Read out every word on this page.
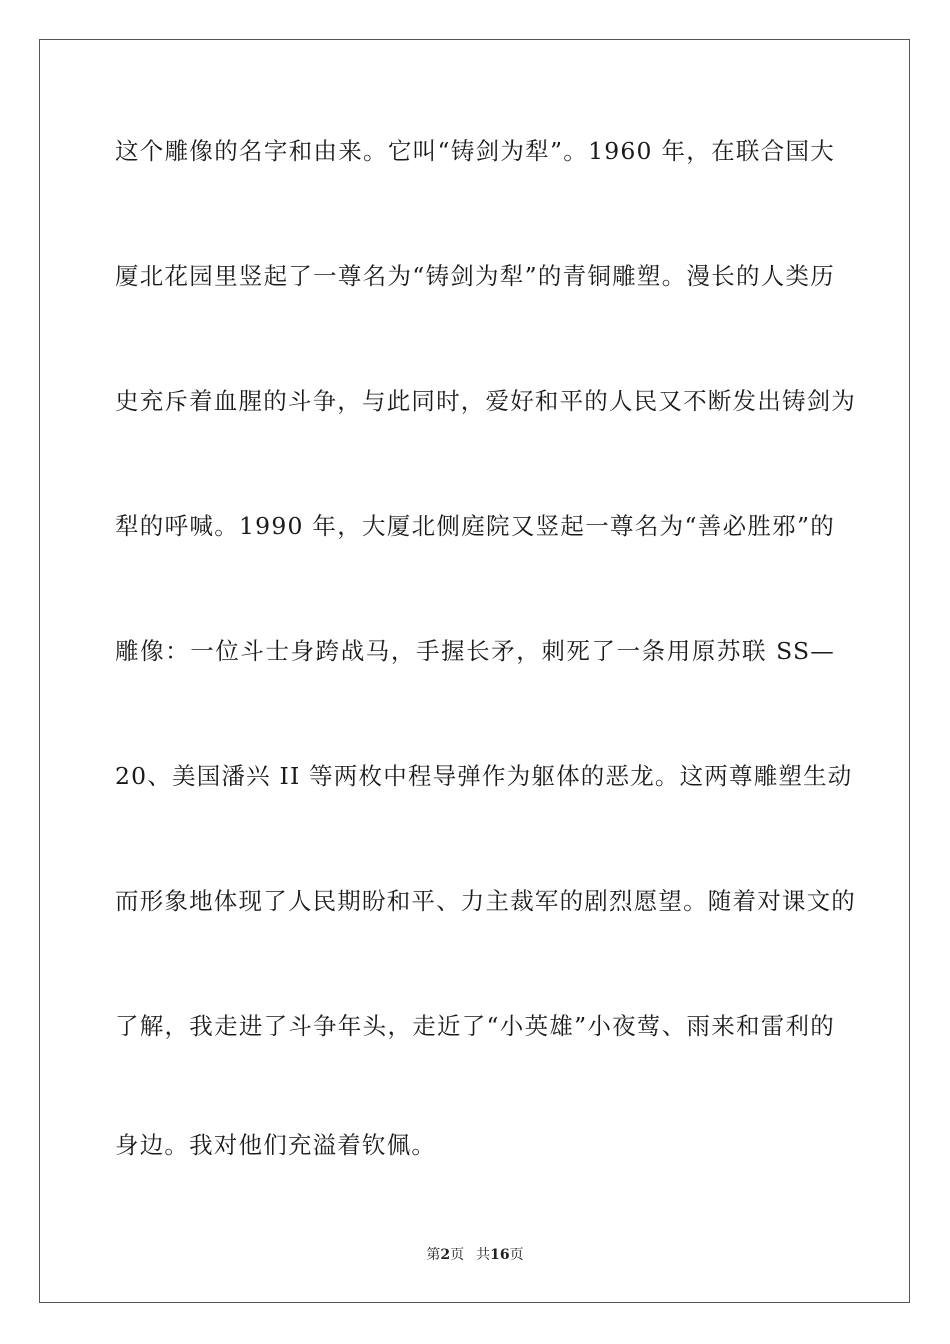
这个雕像的名字和由来。它叫“铸剑为犁”。1960 年，在联合国大
厦北花园里竖起了一尊名为“铸剑为犁”的青铜雕塑。漫长的人类历
史充斥着血腥的斗争，与此同时，爱好和平的人民又不断发出铸剑为
犁的呼喊。1990 年，大厦北侧庭院又竖起一尊名为“善必胜邪”的
雕像：一位斗士身跨战马，手握长矛，刺死了一条用原苏联 SS—
20、美国潘兴 II 等两枚中程导弹作为躯体的恶龙。这两尊雕塑生动
而形象地体现了人民期盼和平、力主裁军的剧烈愿望。随着对课文的
了解，我走进了斗争年头，走近了“小英雄”小夜莺、雨来和雷利的
身边。我对他们充溢着钦佩。
第2页 共16页
